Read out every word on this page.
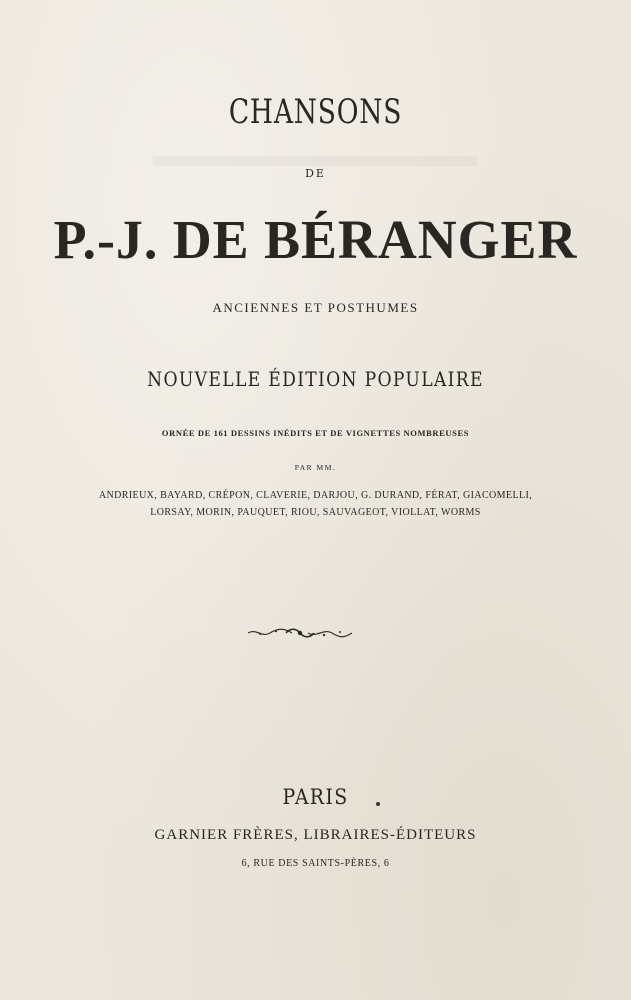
CHANSONS
DE
P.-J. DE BÉRANGER
ANCIENNES ET POSTHUMES
NOUVELLE ÉDITION POPULAIRE
ORNÉE DE 161 DESSINS INÉDITS ET DE VIGNETTES NOMBREUSES
PAR MM.
ANDRIEUX, BAYARD, CRÉPON, CLAVERIE, DARJOU, G. DURAND, FÉRAT, GIACOMELLI,
LORSAY, MORIN, PAUQUET, RIOU, SAUVAGEOT, VIOLLAT, WORMS
PARIS
GARNIER FRÈRES, LIBRAIRES-ÉDITEURS
6, RUE DES SAINTS-PÈRES, 6
